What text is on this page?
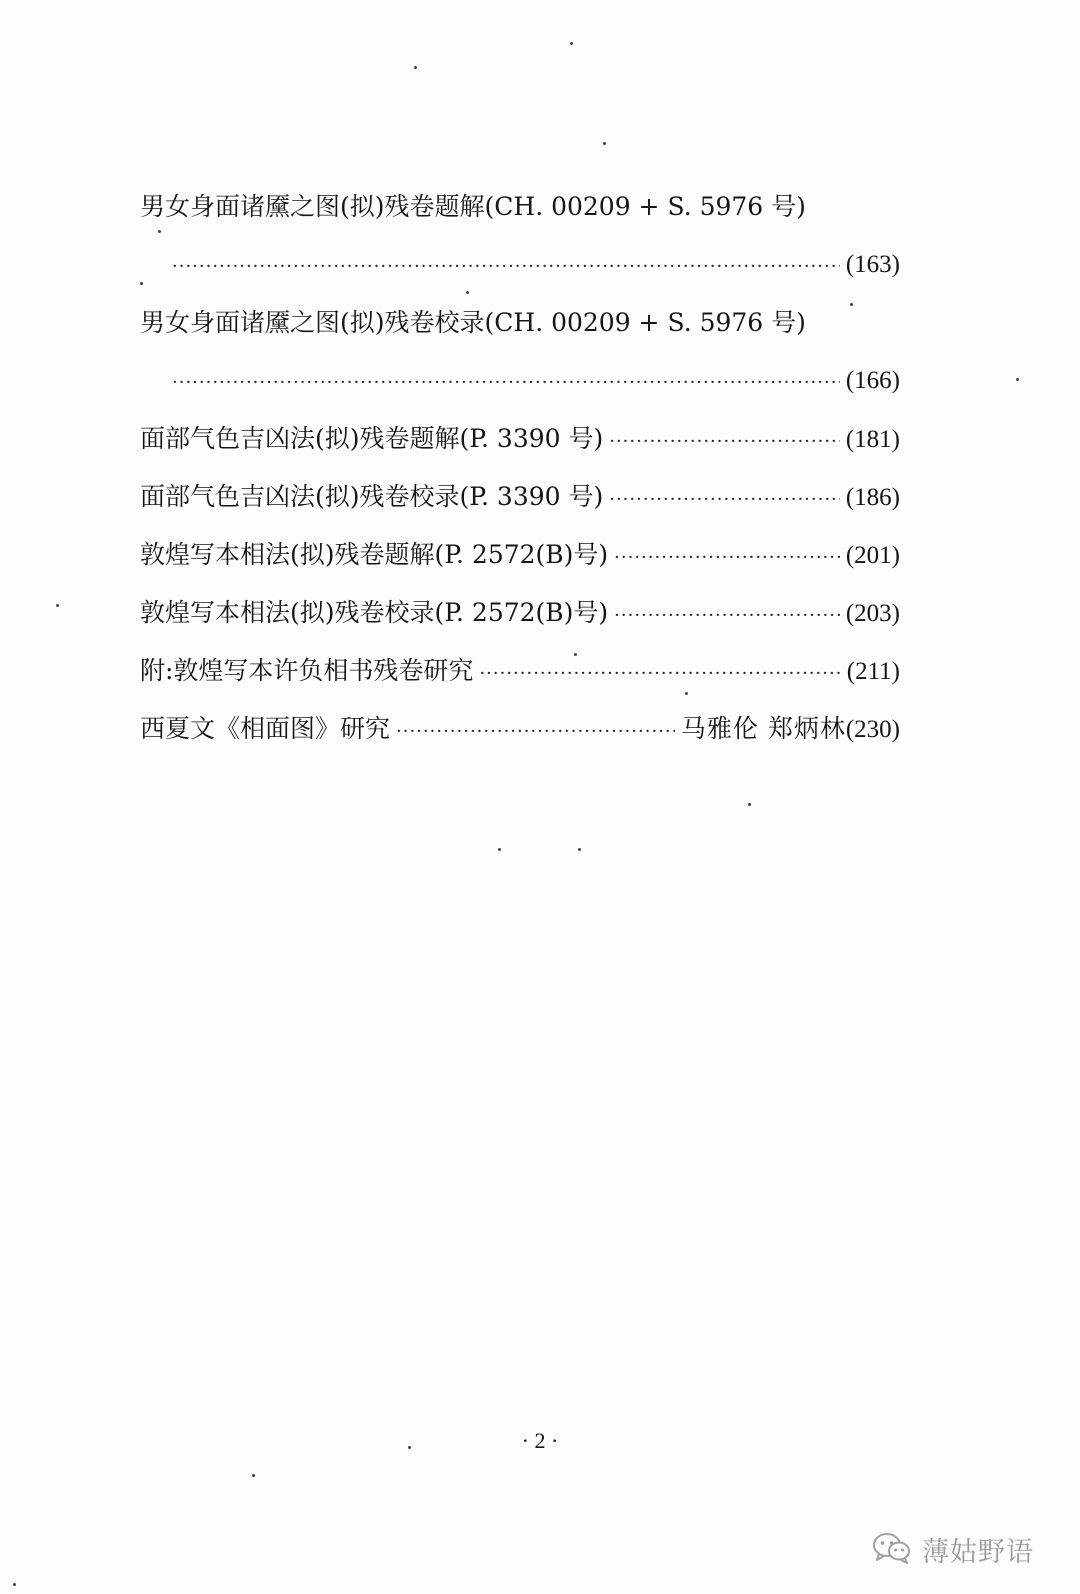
男女身面诸黡之图(拟)残卷题解(CH. 00209 + S. 5976 号)
·····
(163)
男女身面诸黡之图(拟)残卷校录(CH. 00209 + S. 5976 号)
·····
(166)
面部气色吉凶法(拟)残卷题解(P. 3390 号) ·····	(181)
面部气色吉凶法(拟)残卷校录(P. 3390 号) ·····	(186)
敦煌写本相法(拟)残卷题解(P. 2572(B)号) ·····	(201)
敦煌写本相法(拟)残卷校录(P. 2572(B)号) ·····	(203)
附:敦煌写本许负相书残卷研究 ·····	(211)
西夏文《相面图》研究 ·····	马雅伦 郑炳林 (230)
· 2 ·
薄姑野语
